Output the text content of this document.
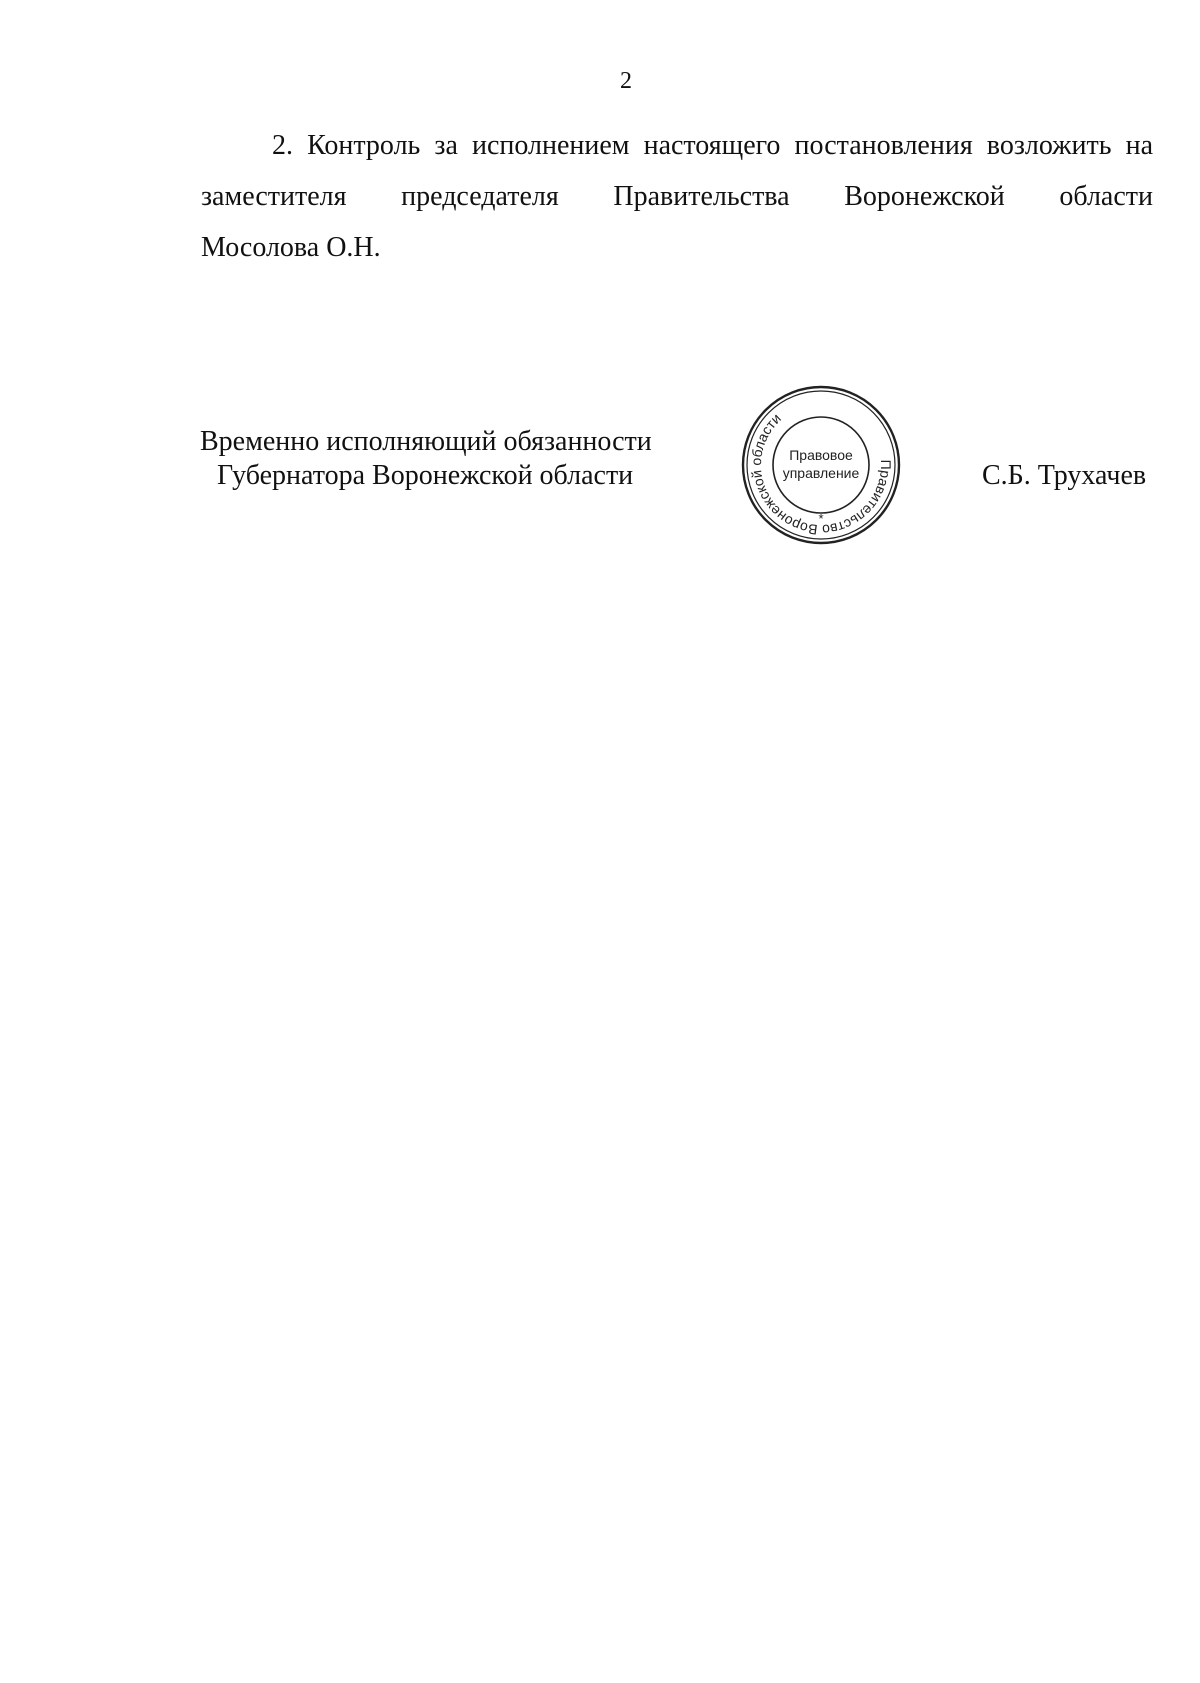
2
2. Контроль за исполнением настоящего постановления возложить на
заместителя председателя Правительства Воронежской области
Мосолова О.Н.
Временно исполняющий обязанности
Губернатора Воронежской области	Правительство Воронежской области
Правовое
управление
*
С.Б. Трухачев
